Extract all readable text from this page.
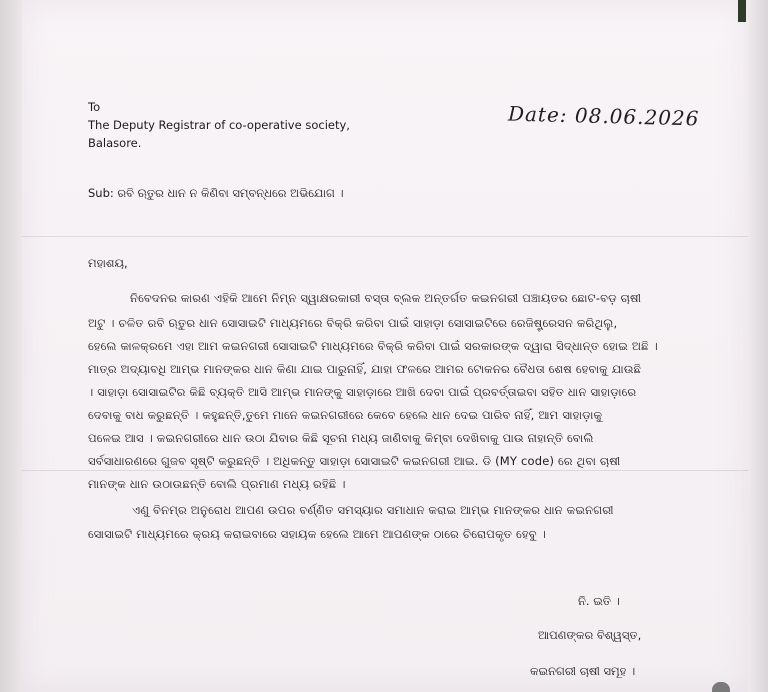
To
The Deputy Registrar of co-operative society,
Balasore.
Date: 08.06.2026
Sub: ରବି ଋତୁର ଧାନ ନ କିଣିବା ସମ୍ବନ୍ଧରେ ଅଭିଯୋଗ ।
ମହାଶୟ,
ନିବେଦନର କାରଣ ଏହିକି ଆମେ ନିମ୍ନ ସ୍ୱାକ୍ଷରକାରୀ ବସ୍ତା ବ୍ଲକ ଅନ୍ତର୍ଗତ କଇନଗରୀ ପଞ୍ଚାୟତର ଛୋଟ-ବଡ଼ ଚାଷୀ
ଅଟୁ । ଚଳିତ ରବି ଋତୁର ଧାନ ସୋସାଇଟି ମାଧ୍ୟମରେ ବିକ୍ରି କରିବା ପାଇଁ ସାହାଡ଼ା ସୋସାଇଟିରେ ରେଜିଷ୍ଟ୍ରେସନ କରିଥିଲୁ,
ହେଲେ କାଳକ୍ରମେ ଏହା ଆମ କଇନଗରୀ ସୋସାଇଟି ମାଧ୍ୟମରେ ବିକ୍ରି କରିବା ପାଇଁ ସରକାରଙ୍କ ଦ୍ୱାରା ସିଦ୍ଧାନ୍ତ ହୋଇ ଅଛି ।
ମାତ୍ର ଅଦ୍ୟାବଧି ଆମ୍ଭ ମାନଙ୍କର ଧାନ କିଣା ଯାଇ ପାରୁନାହିଁ, ଯାହା ଫଳରେ ଆମର ଟୋକନର ବୈଧତା ଶେଷ ହେବାକୁ ଯାଉଛି
। ସାହାଡ଼ା ସୋସାଇଟିର କିଛି ବ୍ୟକ୍ତି ଆସି ଆମ୍ଭ ମାନଙ୍କୁ ସାହାଡ଼ାରେ ଆଖି ଦେବା ପାଇଁ ପ୍ରବର୍ତ୍ତାଇବା ସହିତ ଧାନ ସାହାଡ଼ାରେ
ଦେବାକୁ ବାଧ କରୁଛନ୍ତି । କହୁଛନ୍ତି,ତୁମେ ମାନେ କଇନଗରୀରେ କେବେ ହେଲେ ଧାନ ଦେଇ ପାରିବ ନାହିଁ, ଆମ ସାହାଡ଼ାକୁ
ପଳେଇ ଆସ । କଇନଗରୀରେ ଧାନ ଉଠା ଯିବାର କିଛି ସୂଚନା ମଧ୍ୟ ଜାଣିବାକୁ କିମ୍ବା ଦେଖିବାକୁ ପାଉ ନାହାନ୍ତି ବୋଲି
ସର୍ବସାଧାରଣରେ ଗୁଜବ ସୃଷ୍ଟି କରୁଛନ୍ତି । ଅଧିକନ୍ତୁ ସାହାଡ଼ା ସୋସାଇଟି କଇନଗରୀ ଆଇ. ଡି (MY code) ରେ ଥିବା ଚାଷୀ
ମାନଙ୍କ ଧାନ ଉଠାଉଛନ୍ତି ବୋଲି ପ୍ରମାଣ ମଧ୍ୟ ରହିଛି ।
ଏଣୁ ବିନମ୍ର ଅନୁରୋଧ ଆପଣ ଉପର ବର୍ଣ୍ଣିତ ସମସ୍ୟାର ସମାଧାନ କରାଇ ଆମ୍ଭ ମାନଙ୍କର ଧାନ କଇନଗରୀ
ସୋସାଇଟି ମାଧ୍ୟମରେ କ୍ରୟ କରାଇବାରେ ସହାୟକ ହେଲେ ଆମେ ଆପଣଙ୍କ ଠାରେ ଚିରୋପକୃତ ହେବୁ ।
ନି. ଇତି ।
ଆପଣଙ୍କର ବିଶ୍ୱସ୍ତ,
କଇନଗରୀ ଚାଷୀ ସମୂହ ।
